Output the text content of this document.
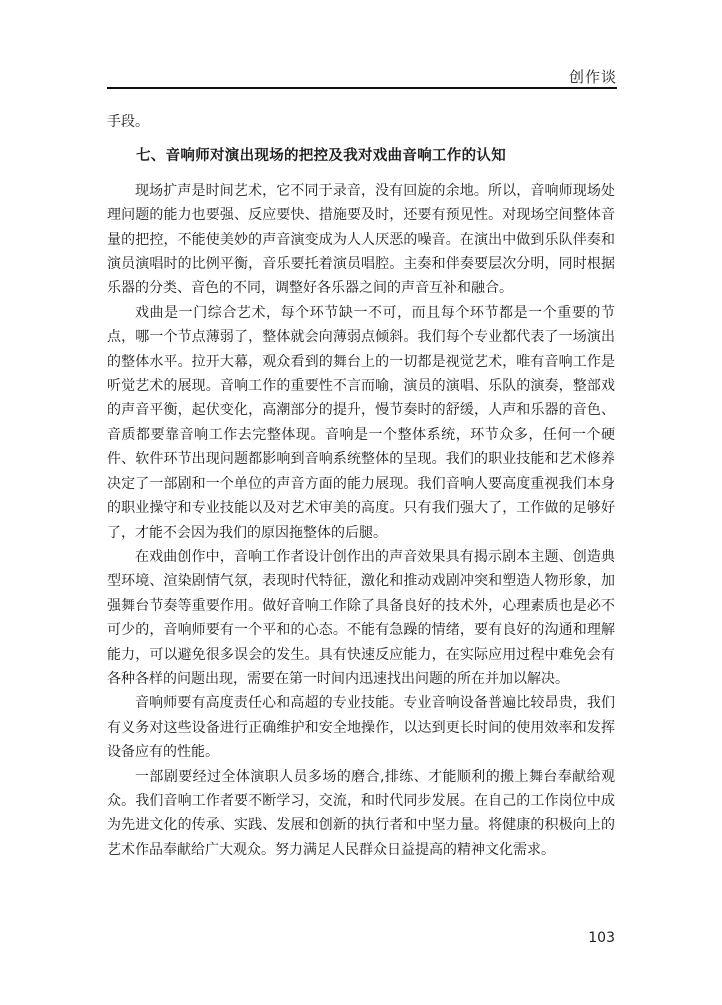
创作谈

手段。

七、音响师对演出现场的把控及我对戏曲音响工作的认知

现场扩声是时间艺术，它不同于录音，没有回旋的余地。所以，音响师现场处理问题的能力也要强、反应要快、措施要及时，还要有预见性。对现场空间整体音量的把控，不能使美妙的声音演变成为人人厌恶的噪音。在演出中做到乐队伴奏和演员演唱时的比例平衡，音乐要托着演员唱腔。主奏和伴奏要层次分明，同时根据乐器的分类、音色的不同，调整好各乐器之间的声音互补和融合。

戏曲是一门综合艺术，每个环节缺一不可，而且每个环节都是一个重要的节点，哪一个节点薄弱了，整体就会向薄弱点倾斜。我们每个专业都代表了一场演出的整体水平。拉开大幕，观众看到的舞台上的一切都是视觉艺术，唯有音响工作是听觉艺术的展现。音响工作的重要性不言而喻，演员的演唱、乐队的演奏，整部戏的声音平衡，起伏变化，高潮部分的提升，慢节奏时的舒缓，人声和乐器的音色、音质都要靠音响工作去完整体现。音响是一个整体系统，环节众多，任何一个硬件、软件环节出现问题都影响到音响系统整体的呈现。我们的职业技能和艺术修养决定了一部剧和一个单位的声音方面的能力展现。我们音响人要高度重视我们本身的职业操守和专业技能以及对艺术审美的高度。只有我们强大了，工作做的足够好了，才能不会因为我们的原因拖整体的后腿。

在戏曲创作中，音响工作者设计创作出的声音效果具有揭示剧本主题、创造典型环境、渲染剧情气氛，表现时代特征，激化和推动戏剧冲突和塑造人物形象，加强舞台节奏等重要作用。做好音响工作除了具备良好的技术外，心理素质也是必不可少的，音响师要有一个平和的心态。不能有急躁的情绪，要有良好的沟通和理解能力，可以避免很多误会的发生。具有快速反应能力，在实际应用过程中难免会有各种各样的问题出现，需要在第一时间内迅速找出问题的所在并加以解决。

音响师要有高度责任心和高超的专业技能。专业音响设备普遍比较昂贵，我们有义务对这些设备进行正确维护和安全地操作，以达到更长时间的使用效率和发挥设备应有的性能。

一部剧要经过全体演职人员多场的磨合,排练、才能顺利的搬上舞台奉献给观众。我们音响工作者要不断学习，交流，和时代同步发展。在自己的工作岗位中成为先进文化的传承、实践、发展和创新的执行者和中坚力量。将健康的积极向上的艺术作品奉献给广大观众。努力满足人民群众日益提高的精神文化需求。

103
